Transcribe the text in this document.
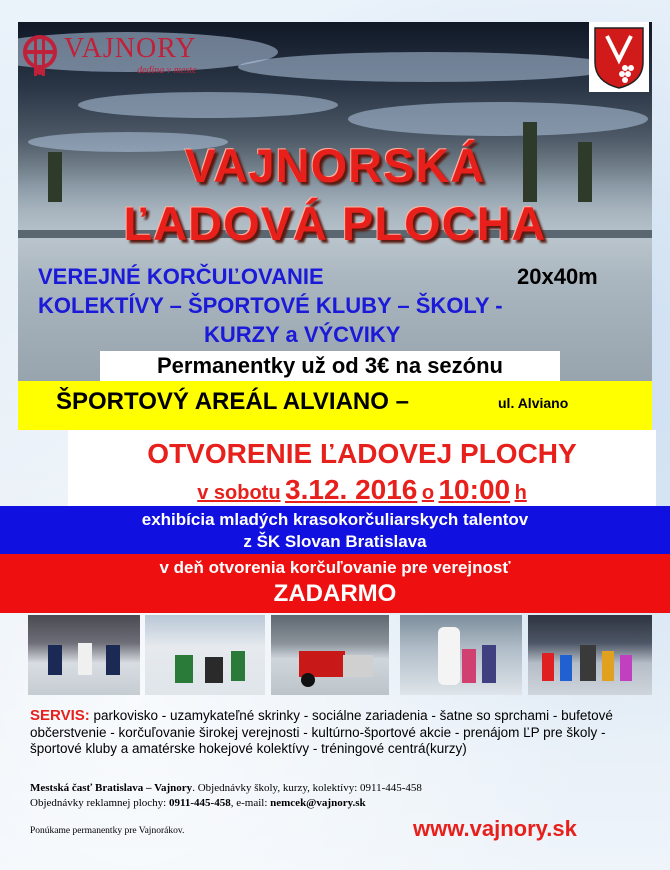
VAJNORY
dedina v meste
VAJNORSKÁ
ĽADOVÁ PLOCHA
VEREJNÉ KORČUĽOVANIE	20x40m
KOLEKTÍVY – ŠPORTOVÉ KLUBY – ŠKOLY -
KURZY a VÝCVIKY
Permanentky už od 3€ na sezónu
ŠPORTOVÝ AREÁL ALVIANO –	ul. Alviano
OTVORENIE ĽADOVEJ PLOCHY
v sobotu 3.12. 2016 o 10:00 h
exhibícia mladých krasokorčuliarskych talentov
z ŠK Slovan Bratislava
v deň otvorenia korčuľovanie pre verejnosť
ZADARMO
SERVIS: parkovisko - uzamykateľné skrinky - sociálne zariadenia - šatne so sprchami - bufetové občerstvenie - korčuľovanie širokej verejnosti - kultúrno-športové akcie - prenájom ĽP pre školy - športové kluby a amatérske hokejové kolektívy - tréningové centrá(kurzy)
Mestská časť Bratislava – Vajnory. Objednávky školy, kurzy, kolektívy: 0911-445-458
Objednávky reklamnej plochy: 0911-445-458, e-mail: nemcek@vajnory.sk
Ponúkame permanentky pre Vajnorákov.	www.vajnory.sk
